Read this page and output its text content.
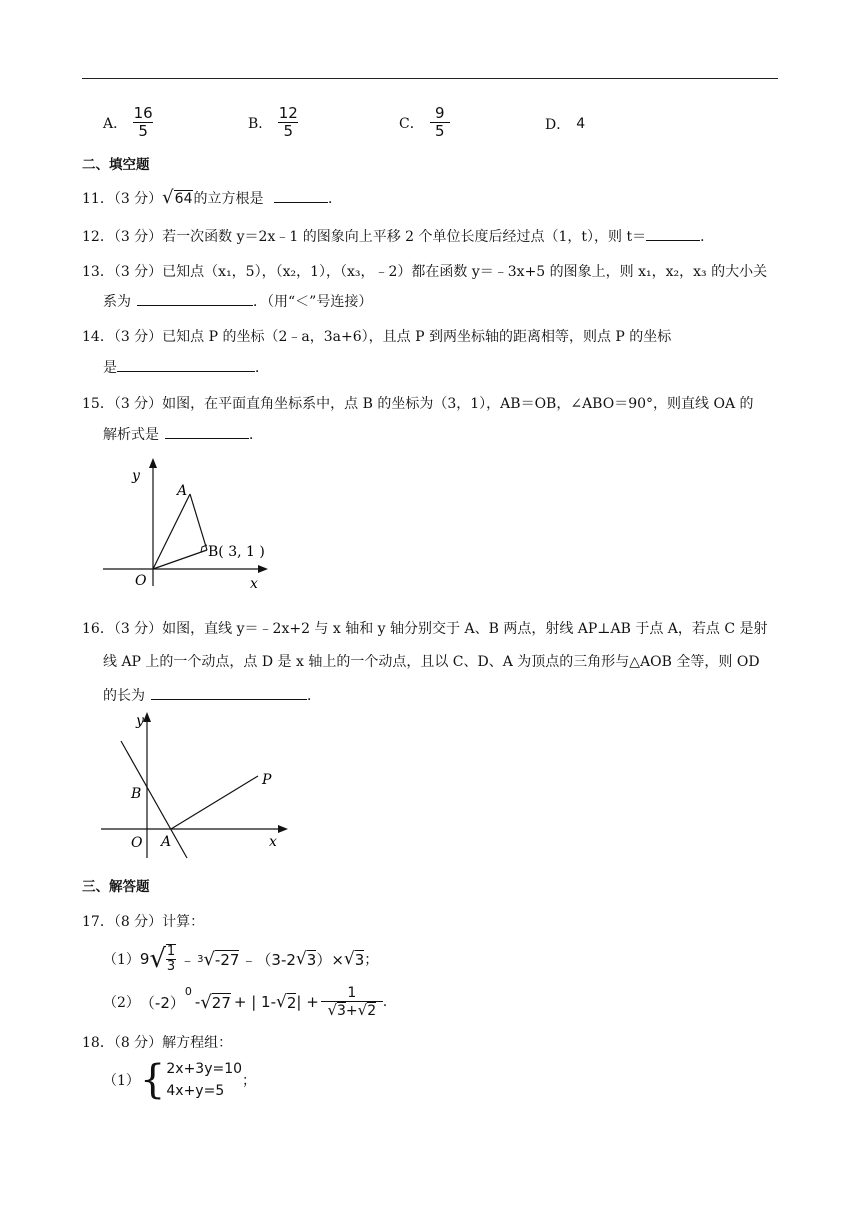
A． $\frac{16}{5}$	B． $\frac{12}{5}$	C． $\frac{9}{5}$	D． 4
二、填空题
11．（3 分）√64的立方根是	．
12．（3 分）若一次函数 y＝2x﹣1 的图象向上平移 2 个单位长度后经过点（1，t），则 t＝	．
13．（3 分）已知点（x₁，5），（x₂，1），（x₃，﹣2）都在函数 y＝﹣3x+5 的图象上，则 x₁，x₂，x₃ 的大小关
系为	．（用“＜”号连接）
14．（3 分）已知点 P 的坐标（2﹣a，3a+6），且点 P 到两坐标轴的距离相等，则点 P 的坐标
是	．
15．（3 分）如图，在平面直角坐标系中，点 B 的坐标为（3，1），AB＝OB，∠ABO＝90°，则直线 OA 的
解析式是	．
y
x
O
A
B( 3, 1 )
16．（3 分）如图，直线 y＝﹣2x+2 与 x 轴和 y 轴分别交于 A、B 两点，射线 AP⊥AB 于点 A，若点 C 是射
线 AP 上的一个动点，点 D 是 x 轴上的一个动点，且以 C、D、A 为顶点的三角形与△AOB 全等，则 OD
的长为	．
y
x
O A
B
P
三、解答题
17．（8 分）计算：
（1） 9 √ $\frac{1}{3}$ ﹣ 3 √ -27 ﹣（3-2 √ 3 ）× √ 3 ；
（2） （-2）
$^0$
- √ 27 + | 1- √ 2 | + $\frac{1}{√3+√2}$ .
18．（8 分）解方程组：
（1） { 2x+3y=10
4x+y=5
；
